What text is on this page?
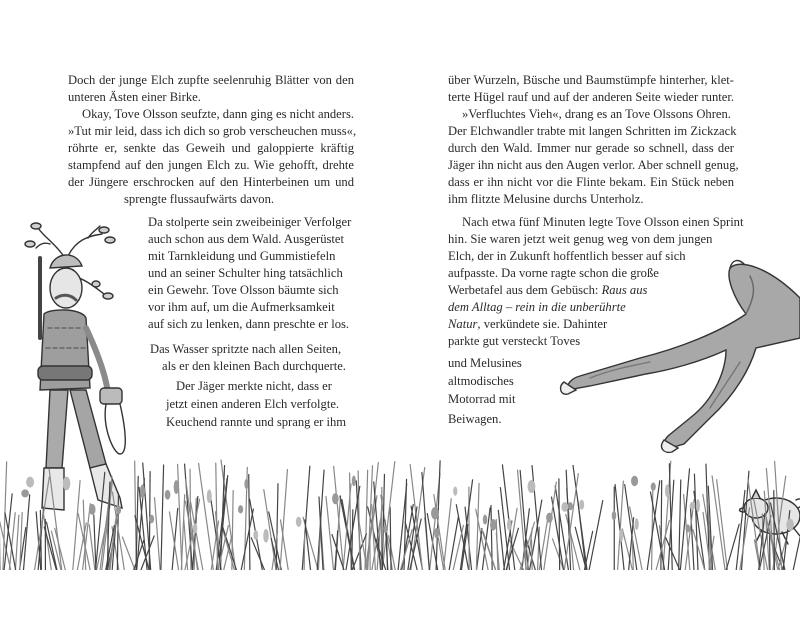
Doch der junge Elch zupfte seelenruhig Blätter von den

unteren Ästen einer Birke.

Okay, Tove Olsson seufzte, dann ging es nicht anders.

»Tut mir leid, dass ich dich so grob verscheuchen muss«,

röhrte er, senkte das Geweih und galoppierte kräftig

stampfend auf den jungen Elch zu. Wie gehofft, drehte

der Jüngere erschrocken auf den Hinterbeinen um und

sprengte flussaufwärts davon.

Da stolperte sein zweibeiniger Verfolger

auch schon aus dem Wald. Ausgerüstet

mit Tarnkleidung und Gummistiefeln

und an seiner Schulter hing tatsächlich

ein Gewehr. Tove Olsson bäumte sich

vor ihm auf, um die Aufmerksamkeit

auf sich zu lenken, dann preschte er los.

Das Wasser spritzte nach allen Seiten,

als er den kleinen Bach durchquerte.

Der Jäger merkte nicht, dass er

jetzt einen anderen Elch verfolgte.

Keuchend rannte und sprang er ihm

über Wurzeln, Büsche und Baumstümpfe hinterher, klet-

terte Hügel rauf und auf der anderen Seite wieder runter.

»Verfluchtes Vieh«, drang es an Tove Olssons Ohren.

Der Elchwandler trabte mit langen Schritten im Zickzack

durch den Wald. Immer nur gerade so schnell, dass der

Jäger ihn nicht aus den Augen verlor. Aber schnell genug,

dass er ihn nicht vor die Flinte bekam. Ein Stück neben

ihm flitzte Melusine durchs Unterholz.

Nach etwa fünf Minuten legte Tove Olsson einen Sprint

hin. Sie waren jetzt weit genug weg von dem jungen

Elch, der in Zukunft hoffentlich besser auf sich

aufpasste. Da vorne ragte schon die große

Werbetafel aus dem Gebüsch: Raus aus

dem Alltag – rein in die unberührte

Natur, verkündete sie. Dahinter

parkte gut versteckt Toves

und Melusines

altmodisches

Motorrad mit

Beiwagen.
